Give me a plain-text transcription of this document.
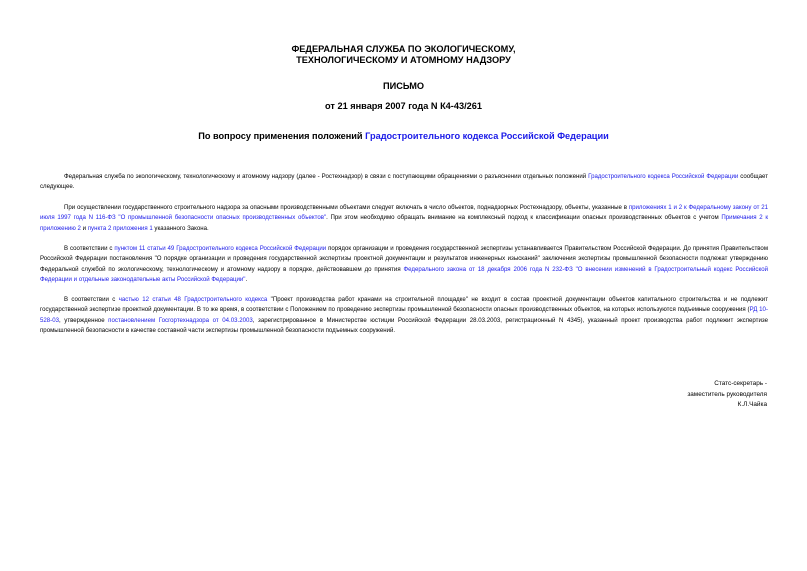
ФЕДЕРАЛЬНАЯ СЛУЖБА ПО ЭКОЛОГИЧЕСКОМУ,
ТЕХНОЛОГИЧЕСКОМУ И АТОМНОМУ НАДЗОРУ
ПИСЬМО
от 21 января 2007 года N К4-43/261
По вопросу применения положений Градостроительного кодекса Российской Федерации

Федеральная служба по экологическому, технологическому и атомному надзору (далее - Ростехнадзор) в связи с поступающими обращениями о разъяснении отдельных положений Градостроительного кодекса Российской Федерации сообщает следующее.

При осуществлении государственного строительного надзора за опасными производственными объектами следует включать в число объектов, поднадзорных Ростехнадзору, объекты, указанные в приложениях 1 и 2 к Федеральному закону от 21 июля 1997 года N 116-ФЗ "О промышленной безопасности опасных производственных объектов". При этом необходимо обращать внимание на комплексный подход к классификации опасных производственных объектов с учетом Примечания 2 к приложению 2 и пункта 2 приложения 1 указанного Закона.

В соответствии с пунктом 11 статьи 49 Градостроительного кодекса Российской Федерации порядок организации и проведения государственной экспертизы устанавливается Правительством Российской Федерации. До принятия Правительством Российской Федерации постановления "О порядке организации и проведения государственной экспертизы проектной документации и результатов инженерных изысканий" заключения экспертизы промышленной безопасности подлежат утверждению Федеральной службой по экологическому, технологическому и атомному надзору в порядке, действовавшем до принятия Федерального закона от 18 декабря 2006 года N 232-ФЗ "О внесении изменений в Градостроительный кодекс Российской Федерации и отдельные законодательные акты Российской Федерации".

В соответствии с частью 12 статьи 48 Градостроительного кодекса "Проект производства работ кранами на строительной площадке" не входит в состав проектной документации объектов капитального строительства и не подлежит государственной экспертизе проектной документации. В то же время, в соответствии с Положением по проведению экспертизы промышленной безопасности опасных производственных объектов, на которых используются подъемные сооружения (РД 10-528-03, утвержденное постановлением Госгортехнадзора от 04.03.2003, зарегистрированное в Министерстве юстиции Российской Федерации 28.03.2003, регистрационный N 4345), указанный проект производства работ подлежит экспертизе промышленной безопасности в качестве составной части экспертизы промышленной безопасности подъемных сооружений.

Статс-секретарь -
заместитель руководителя
К.Л.Чайка
